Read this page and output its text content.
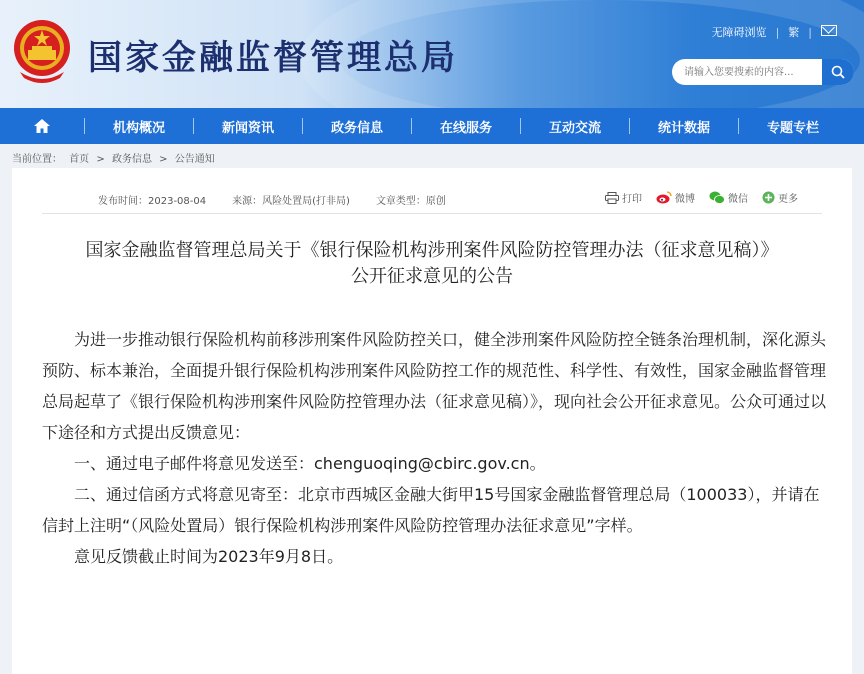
国家金融监督管理总局
无障碍浏览 | 繁 |
请输入您要搜索的内容...
机构概况	新闻资讯	政务信息	在线服务	互动交流	统计数据	专题专栏
当前位置： 首页 > 政务信息 > 公告通知
发布时间：2023-08-04	来源：风险处置局(打非局)	文章类型：原创	打印	微博	微信	更多
国家金融监督管理总局关于《银行保险机构涉刑案件风险防控管理办法（征求意见稿）》
公开征求意见的公告

为进一步推动银行保险机构前移涉刑案件风险防控关口，健全涉刑案件风险防控全链条治理机制，深化源头预防、标本兼治，全面提升银行保险机构涉刑案件风险防控工作的规范性、科学性、有效性，国家金融监督管理总局起草了《银行保险机构涉刑案件风险防控管理办法（征求意见稿）》，现向社会公开征求意见。公众可通过以下途径和方式提出反馈意见：

一、通过电子邮件将意见发送至：chenguoqing@cbirc.gov.cn。

二、通过信函方式将意见寄至：北京市西城区金融大街甲15号国家金融监督管理总局（100033），并请在信封上注明“（风险处置局）银行保险机构涉刑案件风险防控管理办法征求意见”字样。

意见反馈截止时间为2023年9月8日。
